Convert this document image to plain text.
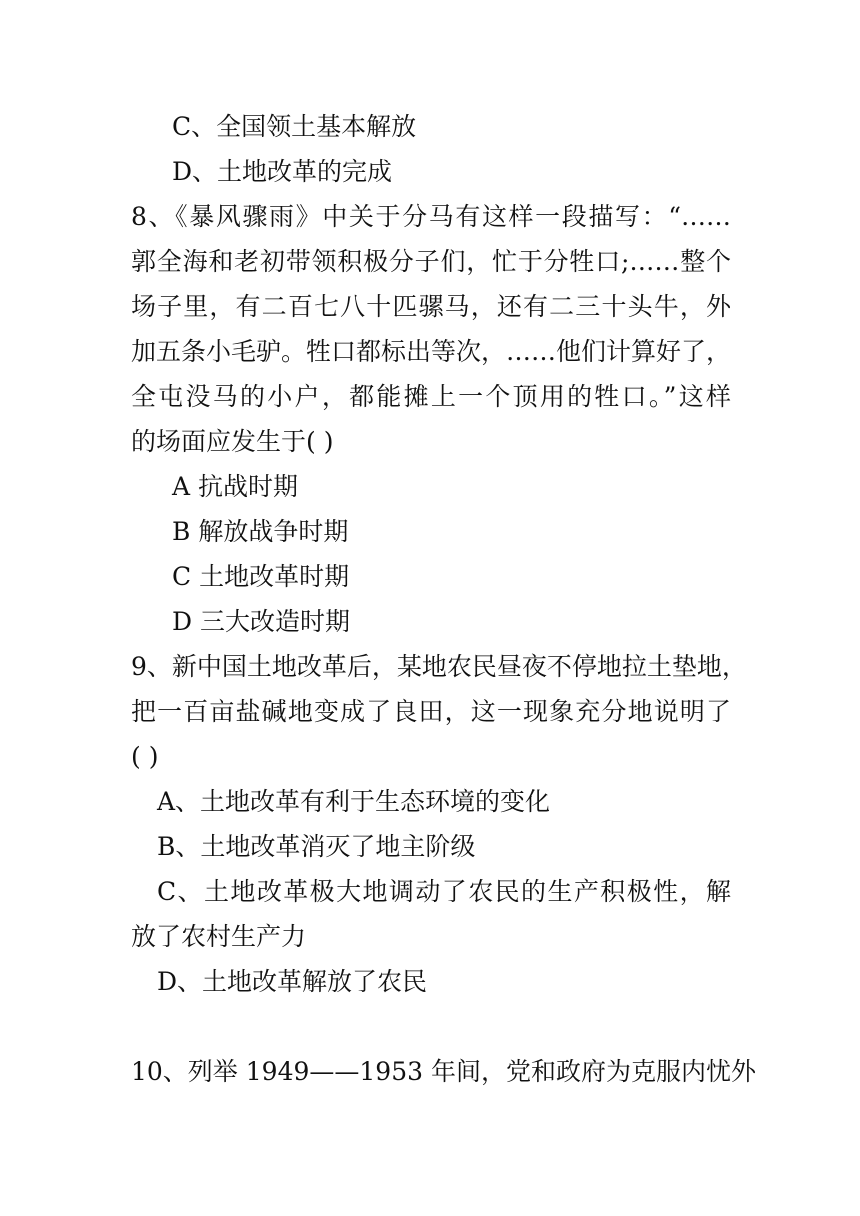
C、全国领土基本解放
D、土地改革的完成
8、《暴风骤雨》中关于分马有这样一段描写：“……
郭全海和老初带领积极分子们，忙于分牲口;……整个
场子里，有二百七八十匹骡马，还有二三十头牛，外
加五条小毛驴。牲口都标出等次，……他们计算好了，
全屯没马的小户，都能摊上一个顶用的牲口。”这样
的场面应发生于( )
A 抗战时期
B 解放战争时期
C 土地改革时期
D 三大改造时期
9、新中国土地改革后，某地农民昼夜不停地拉土垫地，
把一百亩盐碱地变成了良田，这一现象充分地说明了
( )
A、土地改革有利于生态环境的变化
B、土地改革消灭了地主阶级
C、土地改革极大地调动了农民的生产积极性，解
放了农村生产力
D、土地改革解放了农民
10、列举 1949——1953 年间，党和政府为克服内忧外
